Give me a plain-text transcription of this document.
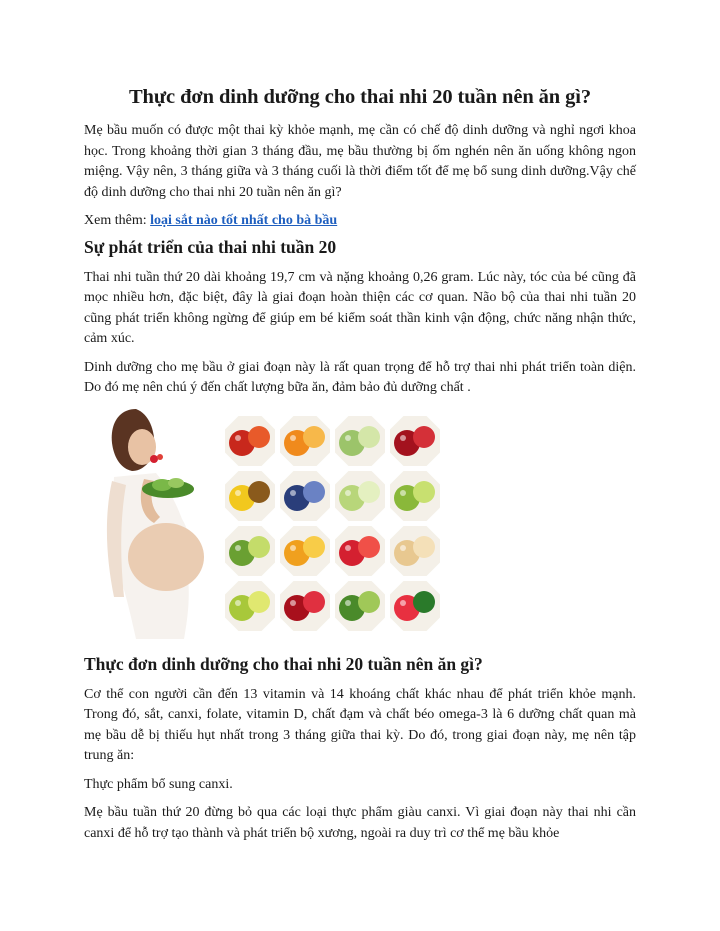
Thực đơn dinh dưỡng cho thai nhi 20 tuần nên ăn gì?

Mẹ bầu muốn có được một thai kỳ khỏe mạnh, mẹ cần có chế độ dinh dưỡng và nghỉ ngơi khoa học. Trong khoảng thời gian 3 tháng đầu, mẹ bầu thường bị ốm nghén nên ăn uống không ngon miệng. Vậy nên, 3 tháng giữa và 3 tháng cuối là thời điểm tốt để mẹ bổ sung dinh dưỡng.Vậy chế độ dinh dưỡng cho thai nhi 20 tuần nên ăn gì?

Xem thêm: loại sắt nào tốt nhất cho bà bầu

Sự phát triển của thai nhi tuần 20

Thai nhi tuần thứ 20 dài khoảng 19,7 cm và nặng khoảng 0,26 gram. Lúc này, tóc của bé cũng đã mọc nhiều hơn, đặc biệt, đây là giai đoạn hoàn thiện các cơ quan. Não bộ của thai nhi tuần 20 cũng phát triển không ngừng để giúp em bé kiểm soát thần kinh vận động, chức năng nhận thức, cảm xúc.

Dinh dưỡng cho mẹ bầu ở giai đoạn này là rất quan trọng để hỗ trợ thai nhi phát triển toàn diện. Do đó mẹ nên chú ý đến chất lượng bữa ăn, đảm bảo đủ dưỡng chất .

Thực đơn dinh dưỡng cho thai nhi 20 tuần nên ăn gì?

Cơ thể con người cần đến 13 vitamin và 14 khoáng chất khác nhau để phát triển khỏe mạnh. Trong đó, sắt, canxi, folate, vitamin D, chất đạm và chất béo omega-3 là 6 dưỡng chất quan mà mẹ bầu dễ bị thiếu hụt nhất trong 3 tháng giữa thai kỳ. Do đó, trong giai đoạn này, mẹ nên tập trung ăn:

Thực phẩm bổ sung canxi.

Mẹ bầu tuần thứ 20 đừng bỏ qua các loại thực phẩm giàu canxi. Vì giai đoạn này thai nhi cần canxi để hỗ trợ tạo thành và phát triển bộ xương, ngoài ra duy trì cơ thể mẹ bầu khỏe
